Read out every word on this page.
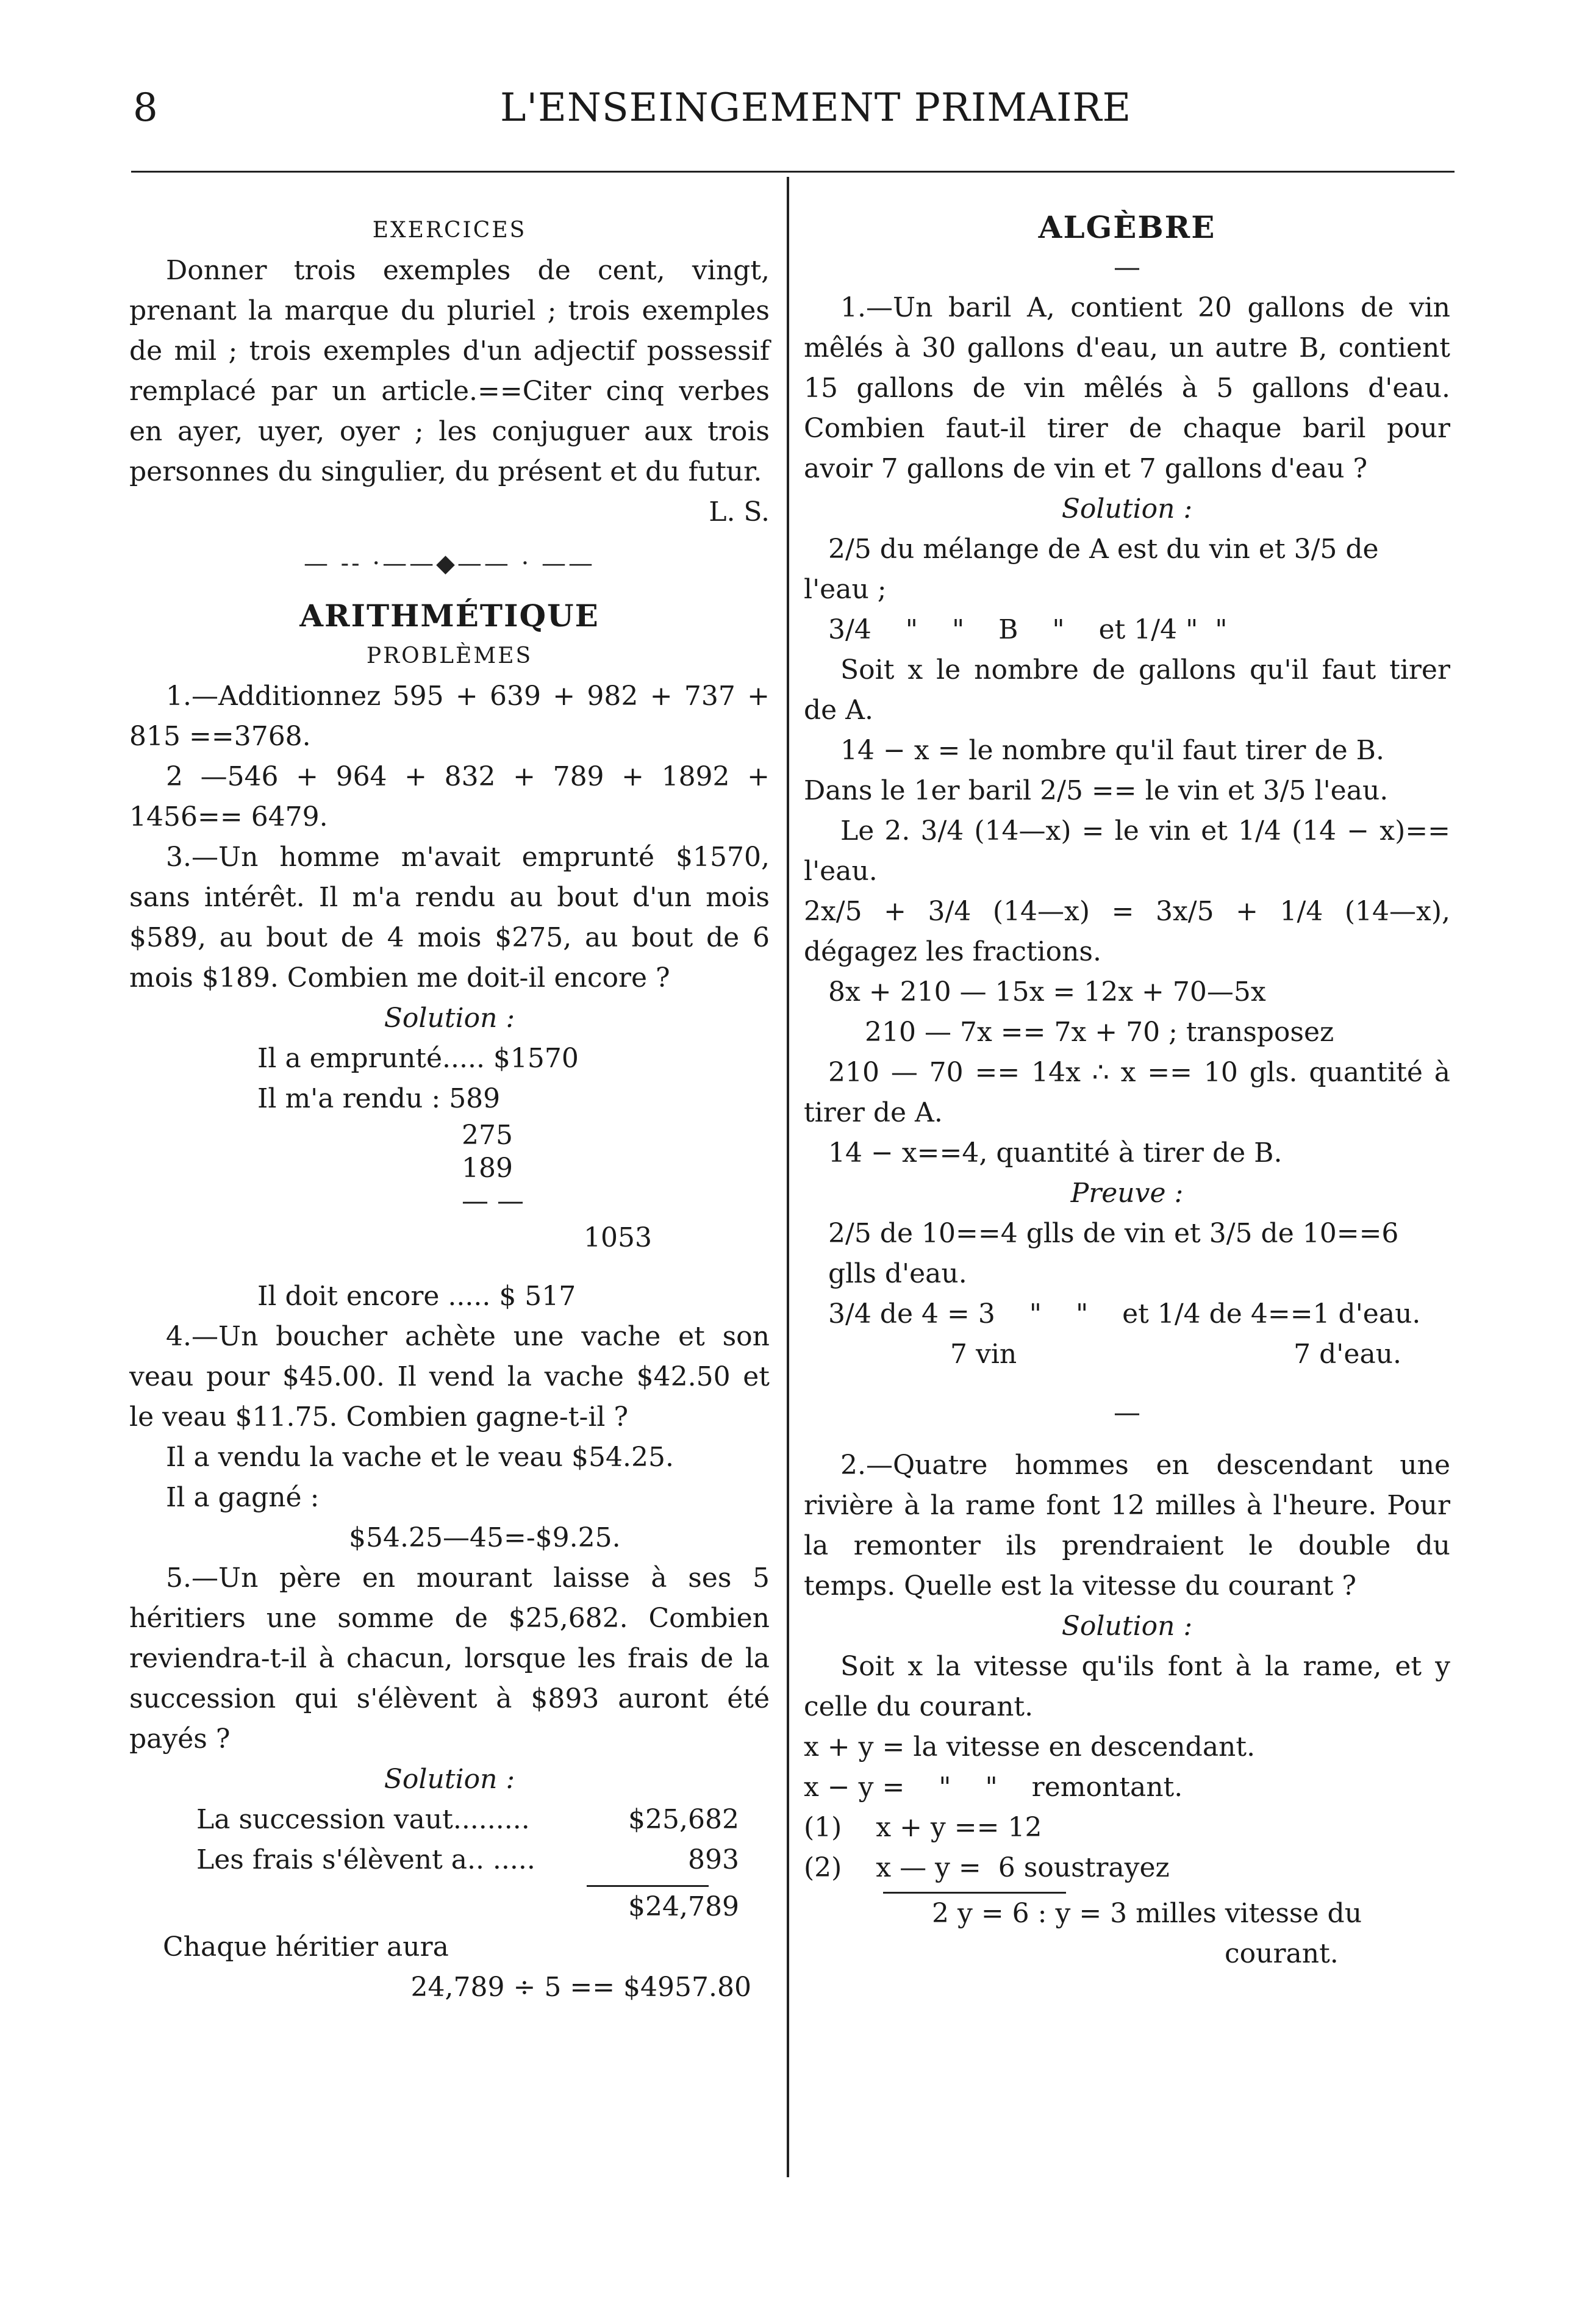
8	L'ENSEINGEMENT PRIMAIRE

EXERCICES

Donner trois exemples de cent, vingt, prenant la marque du pluriel ; trois exemples de mil ; trois exemples d'un adjectif possessif remplacé par un article.==Citer cinq verbes en ayer, uyer, oyer ; les conjuguer aux trois personnes du singulier, du présent et du futur.

L. S.

— -- ·——◆—— · ——

ARITHMÉTIQUE

PROBLÈMES

1.—Additionnez 595 + 639 + 982 + 737 + 815 ==3768.

2 —546 + 964 + 832 + 789 + 1892 + 1456== 6479.

3.—Un homme m'avait emprunté $1570, sans intérêt. Il m'a rendu au bout d'un mois $589, au bout de 4 mois $275, au bout de 6 mois $189. Combien me doit-il encore ?

Solution :

Il a emprunté..... $1570

Il m'a rendu : 589

275

189

— —

1053

Il doit encore ..... $ 517

4.—Un boucher achète une vache et son veau pour $45.00. Il vend la vache $42.50 et le veau $11.75. Combien gagne-t-il ?

Il a vendu la vache et le veau $54.25.

Il a gagné :

$54.25—45=-$9.25.

5.—Un père en mourant laisse à ses 5 héritiers une somme de $25,682. Combien reviendra-t-il à chacun, lorsque les frais de la succession qui s'élèvent à $893 auront été payés ?

Solution :

La succession vaut.........	$25,682
Les frais s'élèvent a.. .....	893

$24,789

Chaque héritier aura

24,789 ÷ 5 == $4957.80

ALGÈBRE

—

1.—Un baril A, contient 20 gallons de vin mêlés à 30 gallons d'eau, un autre B, contient 15 gallons de vin mêlés à 5 gallons d'eau. Combien faut-il tirer de chaque baril pour avoir 7 gallons de vin et 7 gallons d'eau ?

Solution :

2/5 du mélange de A est du vin et 3/5 de l'eau ;

3/4    "    "    B    "    et 1/4 "  "

Soit x le nombre de gallons qu'il faut tirer de A.

14 − x = le nombre qu'il faut tirer de B.

Dans le 1er baril 2/5 == le vin et 3/5 l'eau.

Le 2. 3/4 (14—x) = le vin et 1/4 (14 − x)== l'eau.

2x/5 + 3/4 (14—x) = 3x/5 + 1/4 (14—x), dégagez les fractions.

8x + 210 — 15x = 12x + 70—5x

210 — 7x == 7x + 70 ; transposez

210 — 70 == 14x ∴ x == 10 gls. quantité à tirer de A.

14 − x==4, quantité à tirer de B.

Preuve :

2/5 de 10==4 glls de vin et 3/5 de 10==6 glls d'eau.

3/4 de 4 = 3    "    "    et 1/4 de 4==1 d'eau.

7 vin	7 d'eau.

—

2.—Quatre hommes en descendant une rivière à la rame font 12 milles à l'heure. Pour la remonter ils prendraient le double du temps. Quelle est la vitesse du courant ?

Solution :

Soit x la vitesse qu'ils font à la rame, et y celle du courant.

x + y = la vitesse en descendant.

x − y =    "    "    remontant.

(1)    x + y == 12

(2)    x — y =  6 soustrayez

2 y = 6 : y = 3 milles vitesse du

courant.
